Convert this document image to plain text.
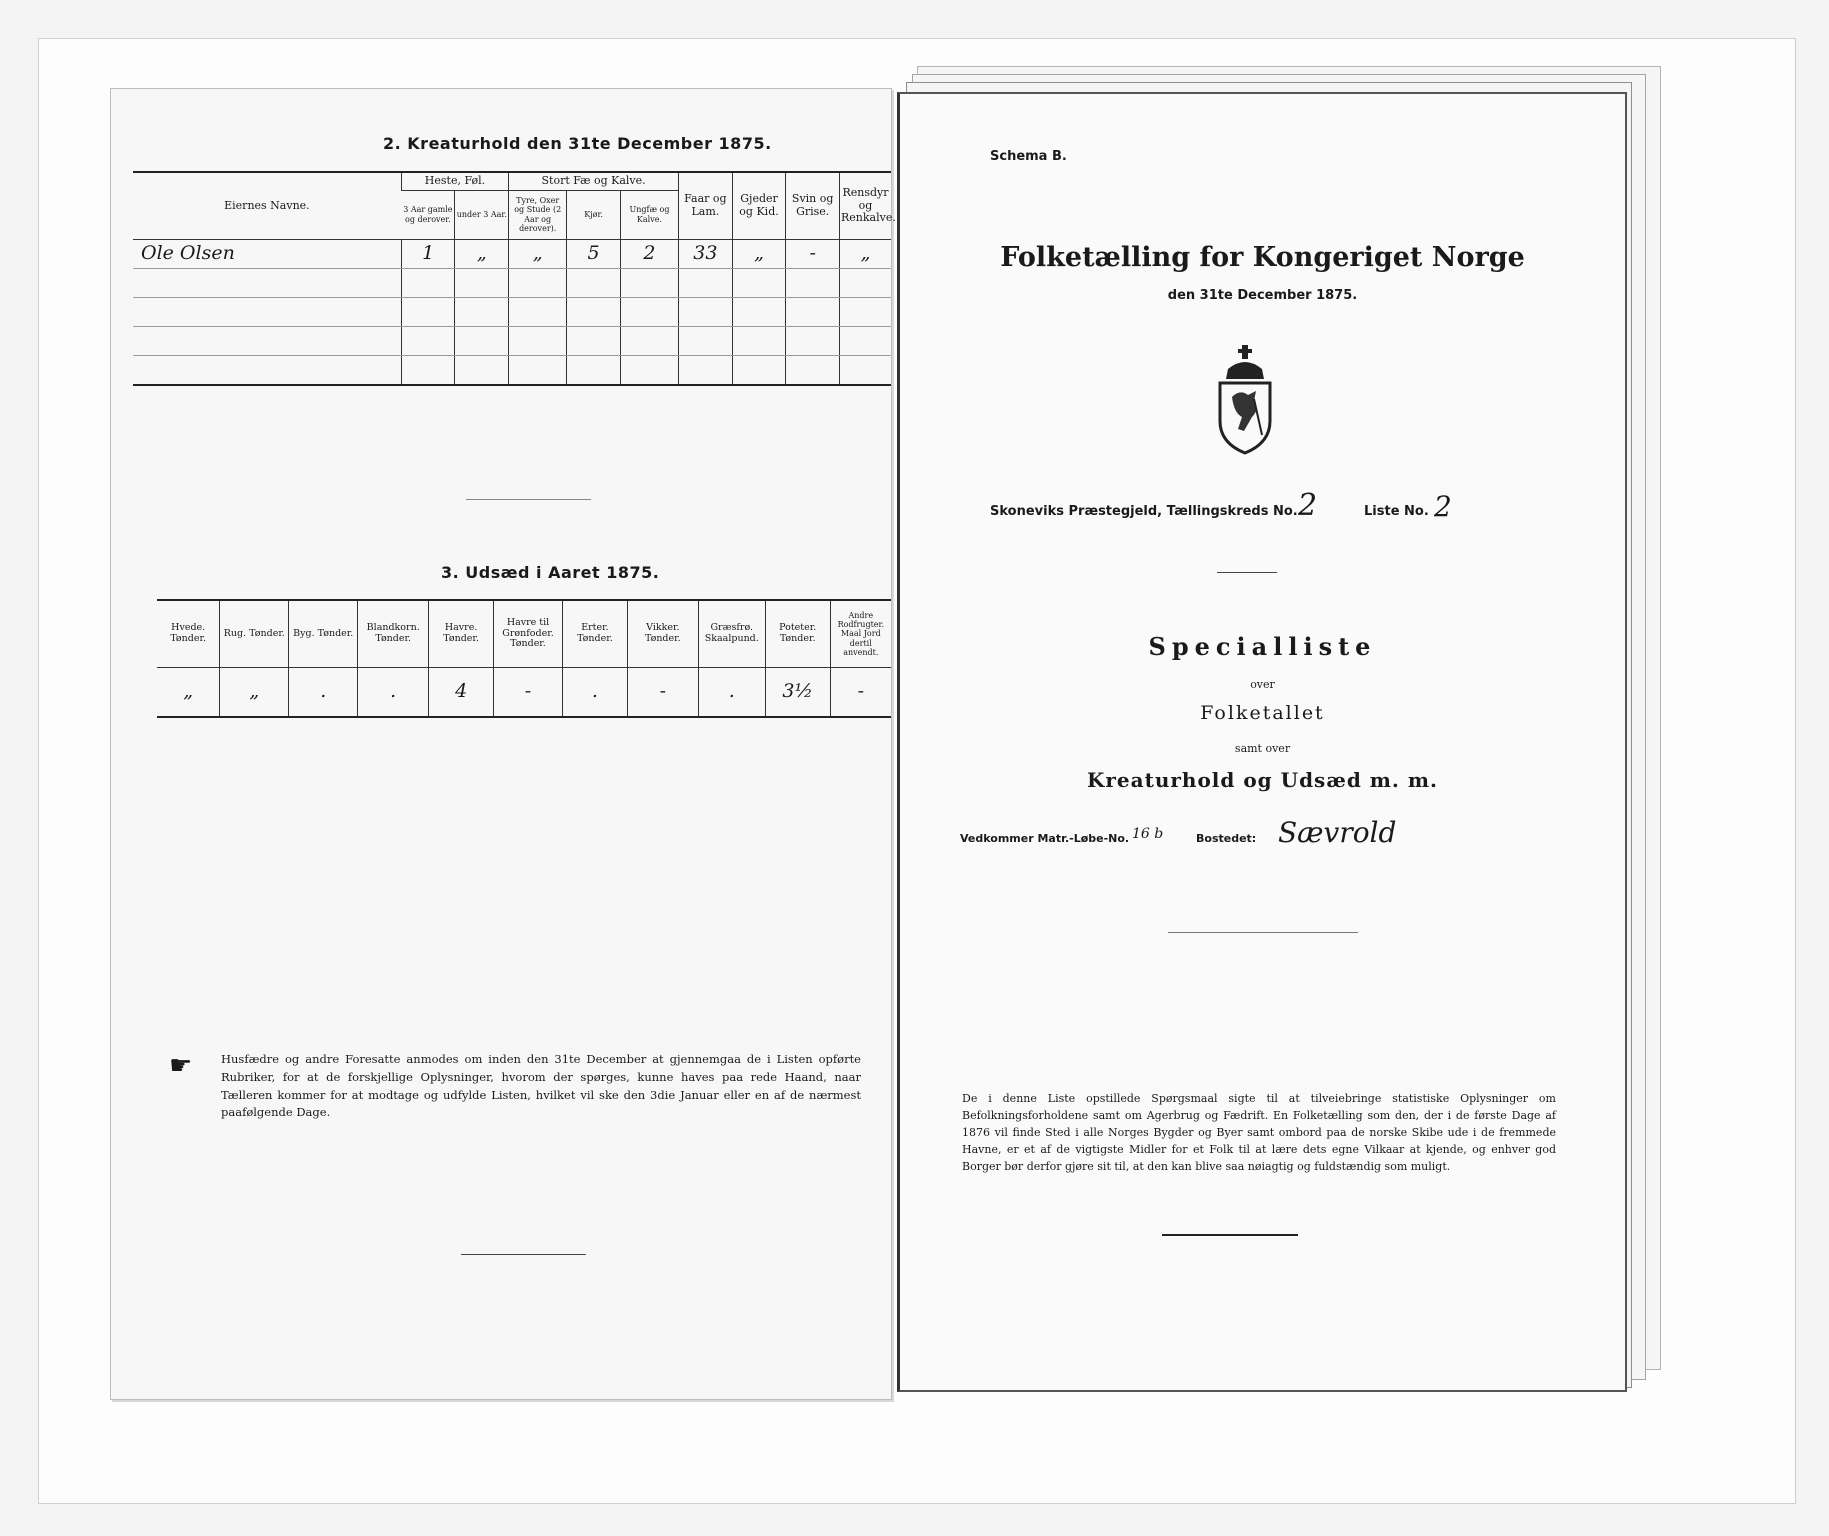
2. Kreaturhold den 31te December 1875.
Eiernes Navne.	Heste, Føl.		Stort Fæ og Kalve.			Faar og Lam.	Gjeder og Kid.	Svin og Grise.	Rensdyr og Renkalve.
	3 Aar gamle og derover.	under 3 Aar.	Tyre, Oxer og Stude (2 Aar og derover).	Kjør.	Ungfæ og Kalve.				
Ole Olsen	1	„	„	5	2	33	„	-	„

3. Udsæd i Aaret 1875.
Hvede. Tønder.	Rug. Tønder.	Byg. Tønder.	Blandkorn. Tønder.	Havre. Tønder.	Havre til Grønfoder. Tønder.	Erter. Tønder.	Vikker. Tønder.	Græsfrø. Skaalpund.	Poteter. Tønder.	Andre Rodfrugter. Maal Jord dertil anvendt.
„	„	.	.	4	-	.	-	.	3½	-
☛ Husfædre og andre Foresatte anmodes om inden den 31te December at gjennemgaa de i Listen opførte Rubriker, for at de forskjellige Oplysninger, hvorom der spørges, kunne haves paa rede Haand, naar Tælleren kommer for at modtage og udfylde Listen, hvilket vil ske den 3die Januar eller en af de nærmest paafølgende Dage.
Schema B.
Folketælling for Kongeriget Norge
den 31te December 1875.
Skoneviks Præstegjeld, Tællingskreds No. 2	Liste No. 2
Specialliste
over
Folketallet
samt over
Kreaturhold og Udsæd m. m.
Vedkommer Matr.-Løbe-No. 16 b	Bostedet: Sævrold
De i denne Liste opstillede Spørgsmaal sigte til at tilveiebringe statistiske Oplysninger om Befolkningsforholdene samt om Agerbrug og Fædrift. En Folketælling som den, der i de første Dage af 1876 vil finde Sted i alle Norges Bygder og Byer samt ombord paa de norske Skibe ude i de fremmede Havne, er et af de vigtigste Midler for et Folk til at lære dets egne Vilkaar at kjende, og enhver god Borger bør derfor gjøre sit til, at den kan blive saa nøiagtig og fuldstændig som muligt.
